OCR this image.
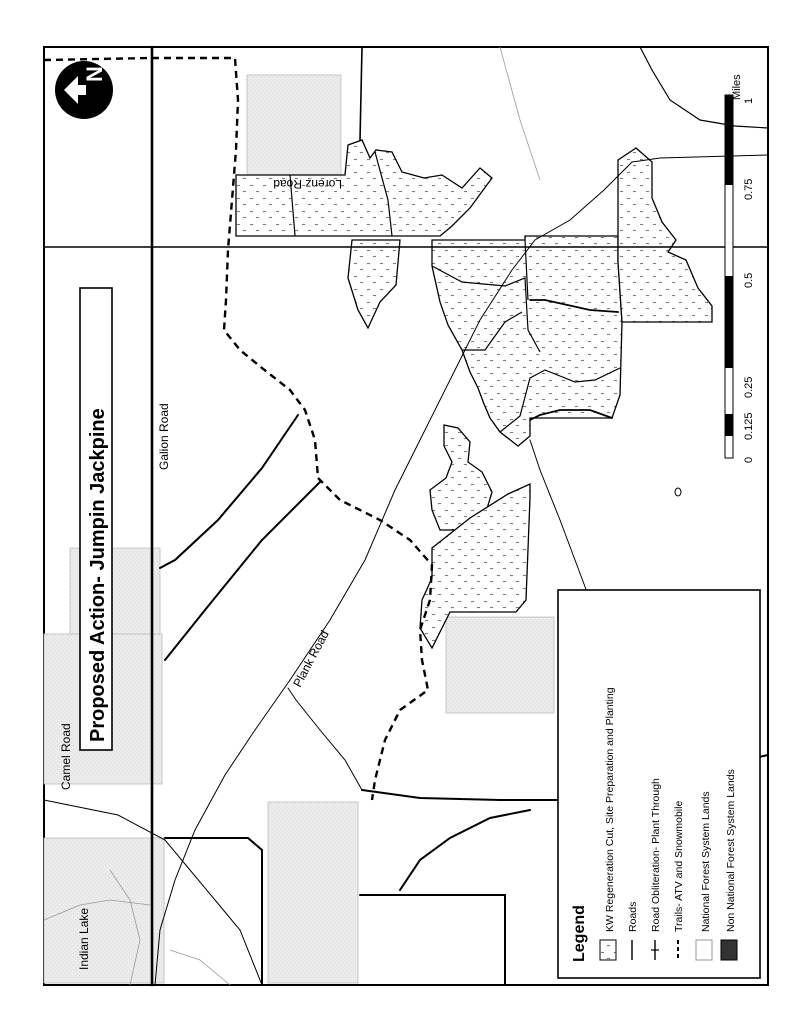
Indian Lake
Camel Road
Plank Road
Galion Road
Lorenz Road
Proposed Action- Jumpin Jackpine
N
Miles
0
0.125
0.25
0.5
0.75
1
Legend
KW Regeneration Cut, Site Preparation and Planting Roads Road Obliteration- Plant Through Trails- ATV and Snowmobile National Forest System Lands Non National Forest System Lands
